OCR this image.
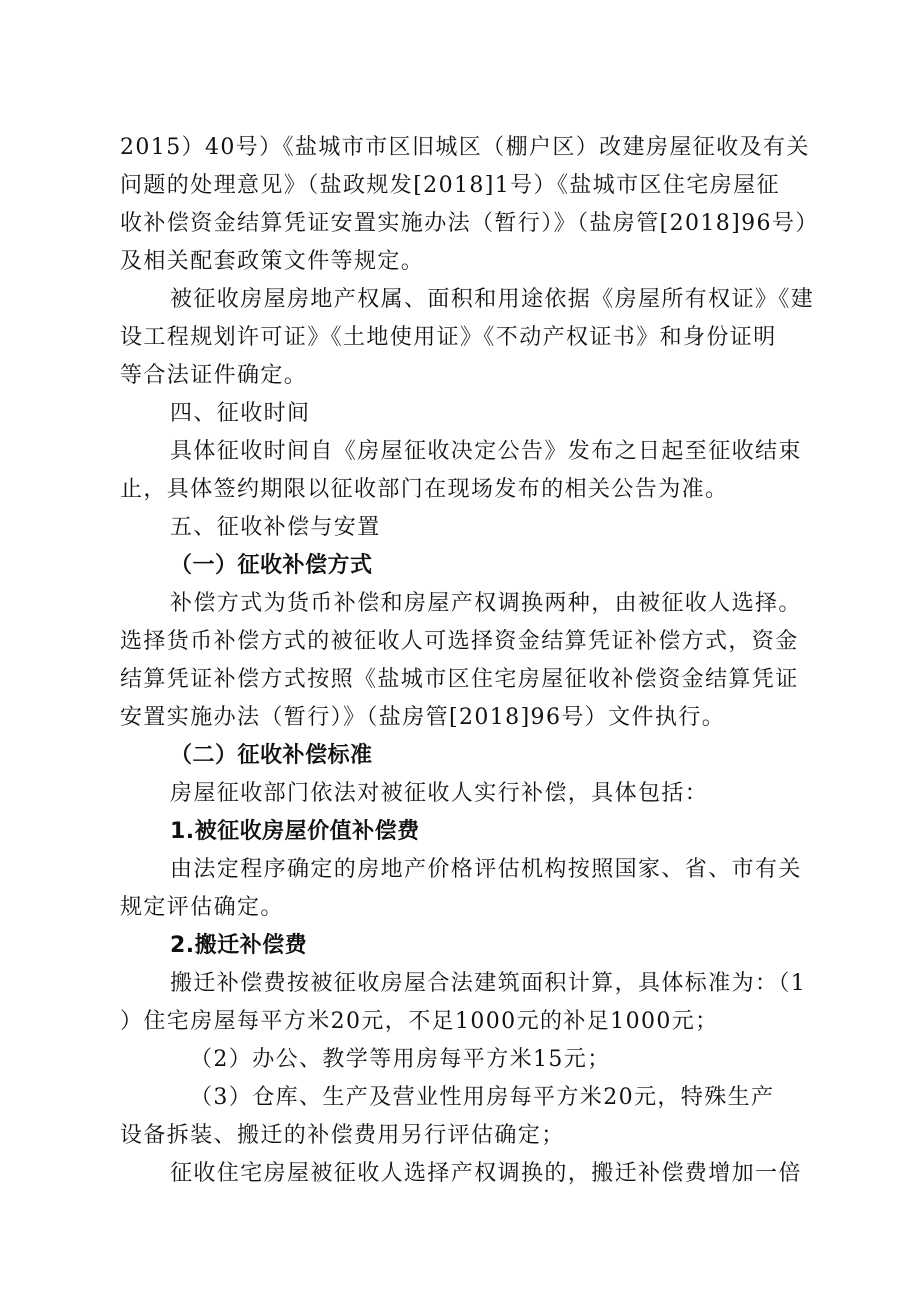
2015）40号）《盐城市市区旧城区（棚户区）改建房屋征收及有关
问题的处理意见》（盐政规发[2018]1号）《盐城市区住宅房屋征
收补偿资金结算凭证安置实施办法（暂行）》（盐房管[2018]96号）
及相关配套政策文件等规定。
被征收房屋房地产权属、面积和用途依据《房屋所有权证》《建
设工程规划许可证》《土地使用证》《不动产权证书》和身份证明
等合法证件确定。
四、征收时间
具体征收时间自《房屋征收决定公告》发布之日起至征收结束
止，具体签约期限以征收部门在现场发布的相关公告为准。
五、征收补偿与安置
（一）征收补偿方式
补偿方式为货币补偿和房屋产权调换两种，由被征收人选择。
选择货币补偿方式的被征收人可选择资金结算凭证补偿方式，资金
结算凭证补偿方式按照《盐城市区住宅房屋征收补偿资金结算凭证
安置实施办法（暂行）》（盐房管[2018]96号）文件执行。
（二）征收补偿标准
房屋征收部门依法对被征收人实行补偿，具体包括：
1.被征收房屋价值补偿费
由法定程序确定的房地产价格评估机构按照国家、省、市有关
规定评估确定。
2.搬迁补偿费
搬迁补偿费按被征收房屋合法建筑面积计算，具体标准为：（1
）住宅房屋每平方米20元，不足1000元的补足1000元；
（2）办公、教学等用房每平方米15元；
（3）仓库、生产及营业性用房每平方米20元，特殊生产
设备拆装、搬迁的补偿费用另行评估确定；
征收住宅房屋被征收人选择产权调换的，搬迁补偿费增加一倍
